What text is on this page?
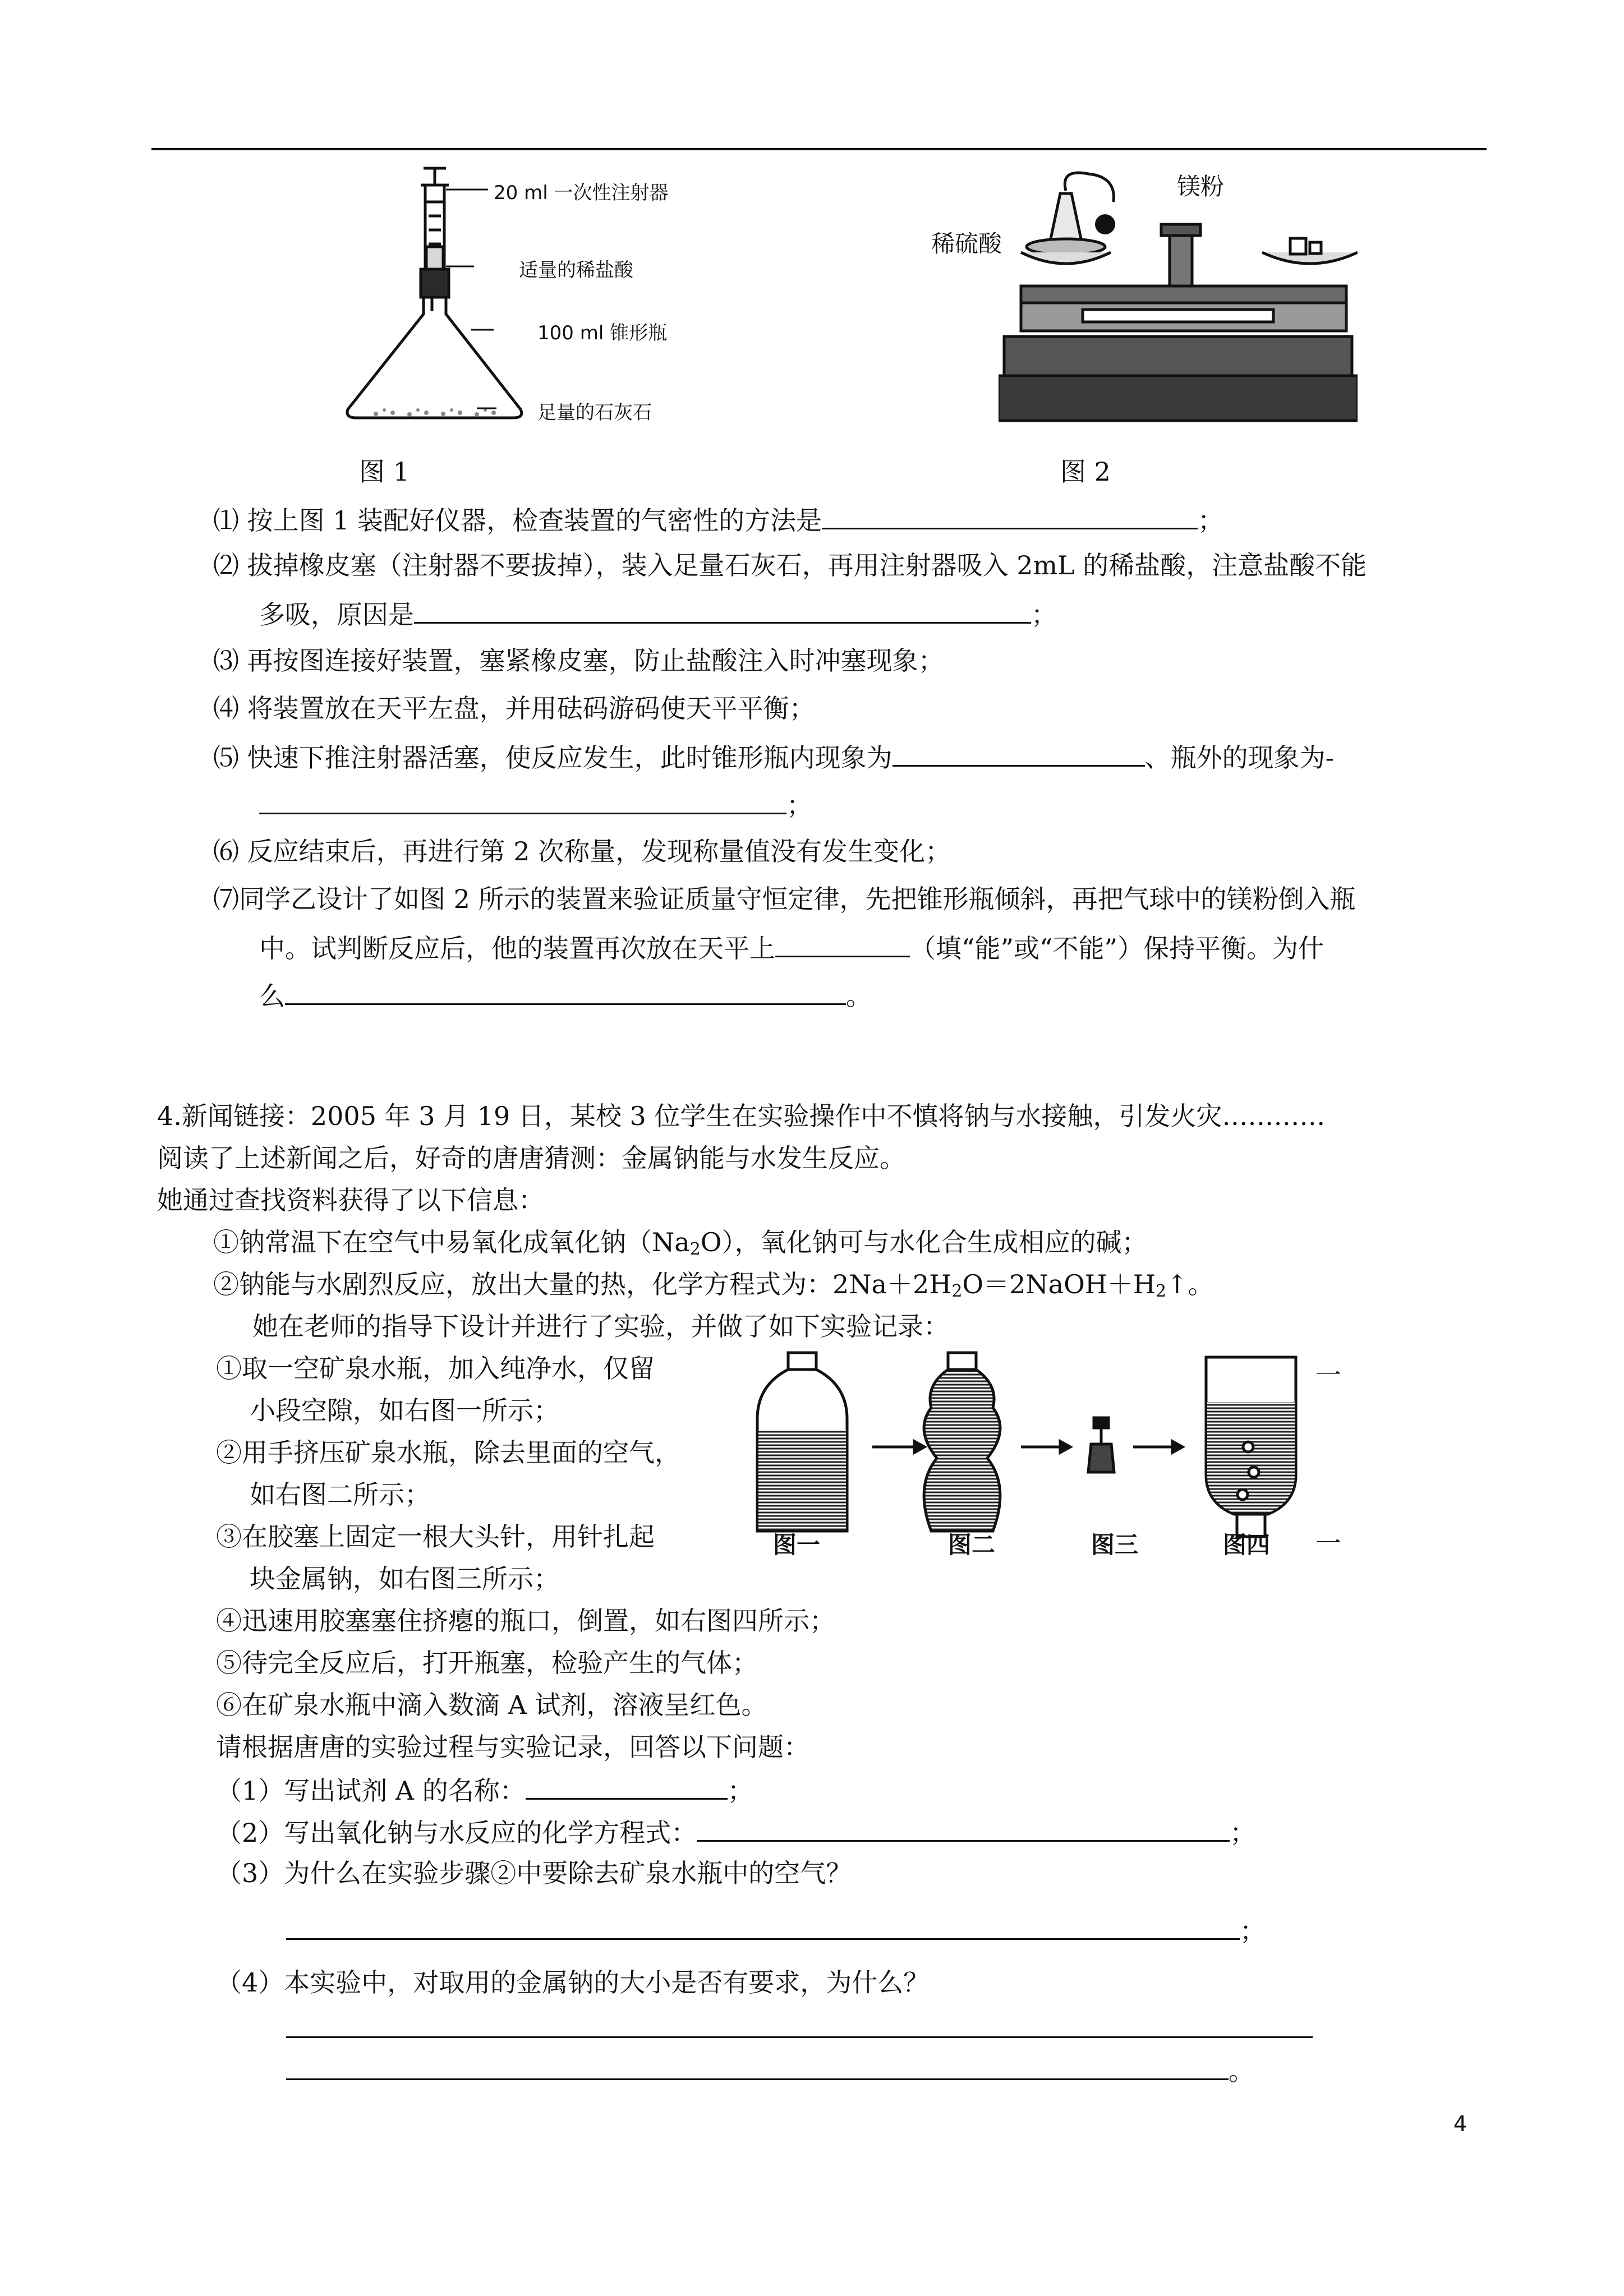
20 ml 一次性注射器
适量的稀盐酸
100 ml 锥形瓶
足量的石灰石
图 1
镁粉
稀硫酸
图 2
⑴ 按上图 1 装配好仪器，检查装置的气密性的方法是	；
⑵ 拔掉橡皮塞（注射器不要拔掉），装入足量石灰石，再用注射器吸入 2mL 的稀盐酸，注意盐酸不能
多吸，原因是	；
⑶ 再按图连接好装置，塞紧橡皮塞，防止盐酸注入时冲塞现象；
⑷ 将装置放在天平左盘，并用砝码游码使天平平衡；
⑸ 快速下推注射器活塞，使反应发生，此时锥形瓶内现象为	、瓶外的现象为-
；
⑹ 反应结束后，再进行第 2 次称量，发现称量值没有发生变化；
⑺同学乙设计了如图 2 所示的装置来验证质量守恒定律，先把锥形瓶倾斜，再把气球中的镁粉倒入瓶
中。试判断反应后，他的装置再次放在天平上	（填“能”或“不能”）保持平衡。为什
么	。
4.新闻链接：2005 年 3 月 19 日，某校 3 位学生在实验操作中不慎将钠与水接触，引发火灾…………
阅读了上述新闻之后，好奇的唐唐猜测：金属钠能与水发生反应。
她通过查找资料获得了以下信息：
①钠常温下在空气中易氧化成氧化钠$(Na_2O)$，氧化钠可与水化合生成相应的碱；
②钠能与水剧烈反应，放出大量的热，化学方程式为：$2Na+2H_2O=2NaOH+H_2↑$。
她在老师的指导下设计并进行了实验，并做了如下实验记录：
①取一空矿泉水瓶，加入纯净水，仅留
小段空隙，如右图一所示；
②用手挤压矿泉水瓶，除去里面的空气，
如右图二所示；
③在胶塞上固定一根大头针，用针扎起
块金属钠，如右图三所示；
④迅速用胶塞塞住挤瘪的瓶口，倒置，如右图四所示；
⑤待完全反应后，打开瓶塞，检验产生的气体；
⑥在矿泉水瓶中滴入数滴 A 试剂，溶液呈红色。
图一	图二	图三	图四
一
一
请根据唐唐的实验过程与实验记录，回答以下问题：
（1）写出试剂 A 的名称：	；
（2）写出氧化钠与水反应的化学方程式：	；
（3）为什么在实验步骤②中要除去矿泉水瓶中的空气？
；
（4）本实验中，对取用的金属钠的大小是否有要求，为什么？
。
4
